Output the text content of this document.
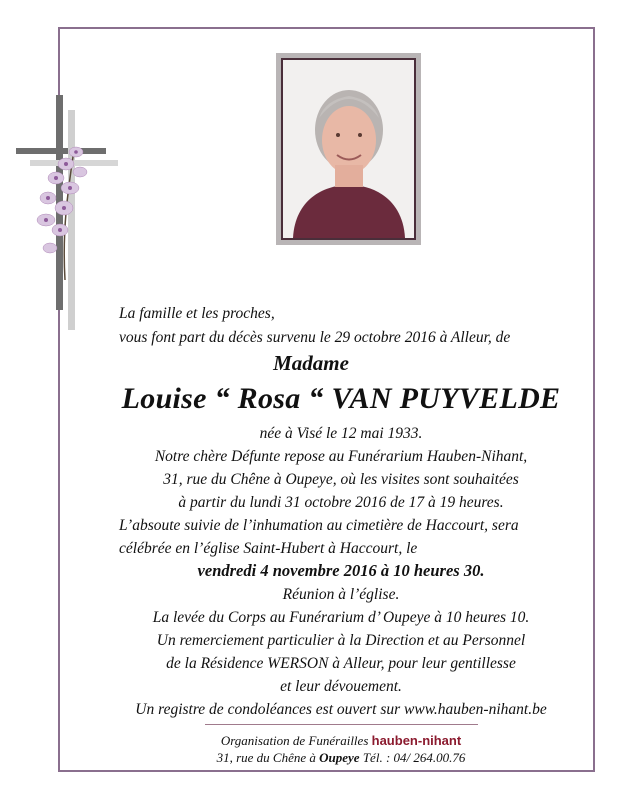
La famille et les proches,
vous font part du décès survenu le 29 octobre 2016 à Alleur, de
Madame
Louise “ Rosa “ VAN PUYVELDE
née à Visé le 12 mai 1933.
Notre chère Défunte repose au Funérarium Hauben-Nihant,
31, rue du Chêne à Oupeye, où les visites sont souhaitées
à partir du lundi 31 octobre 2016 de 17 à 19 heures.
L’absoute suivie de l’inhumation au cimetière de Haccourt, sera
célébrée en l’église Saint-Hubert à Haccourt, le
vendredi 4 novembre 2016 à 10 heures 30.
Réunion à l’église.
La levée du Corps au Funérarium d’ Oupeye à 10 heures 10.
Un remerciement particulier à la Direction et au Personnel
de la Résidence WERSON à Alleur, pour leur gentillesse
et leur dévouement.
Un registre de condoléances est ouvert sur www.hauben-nihant.be
Organisation de Funérailles hauben-nihant
31, rue du Chêne à Oupeye Tél. : 04/ 264.00.76
